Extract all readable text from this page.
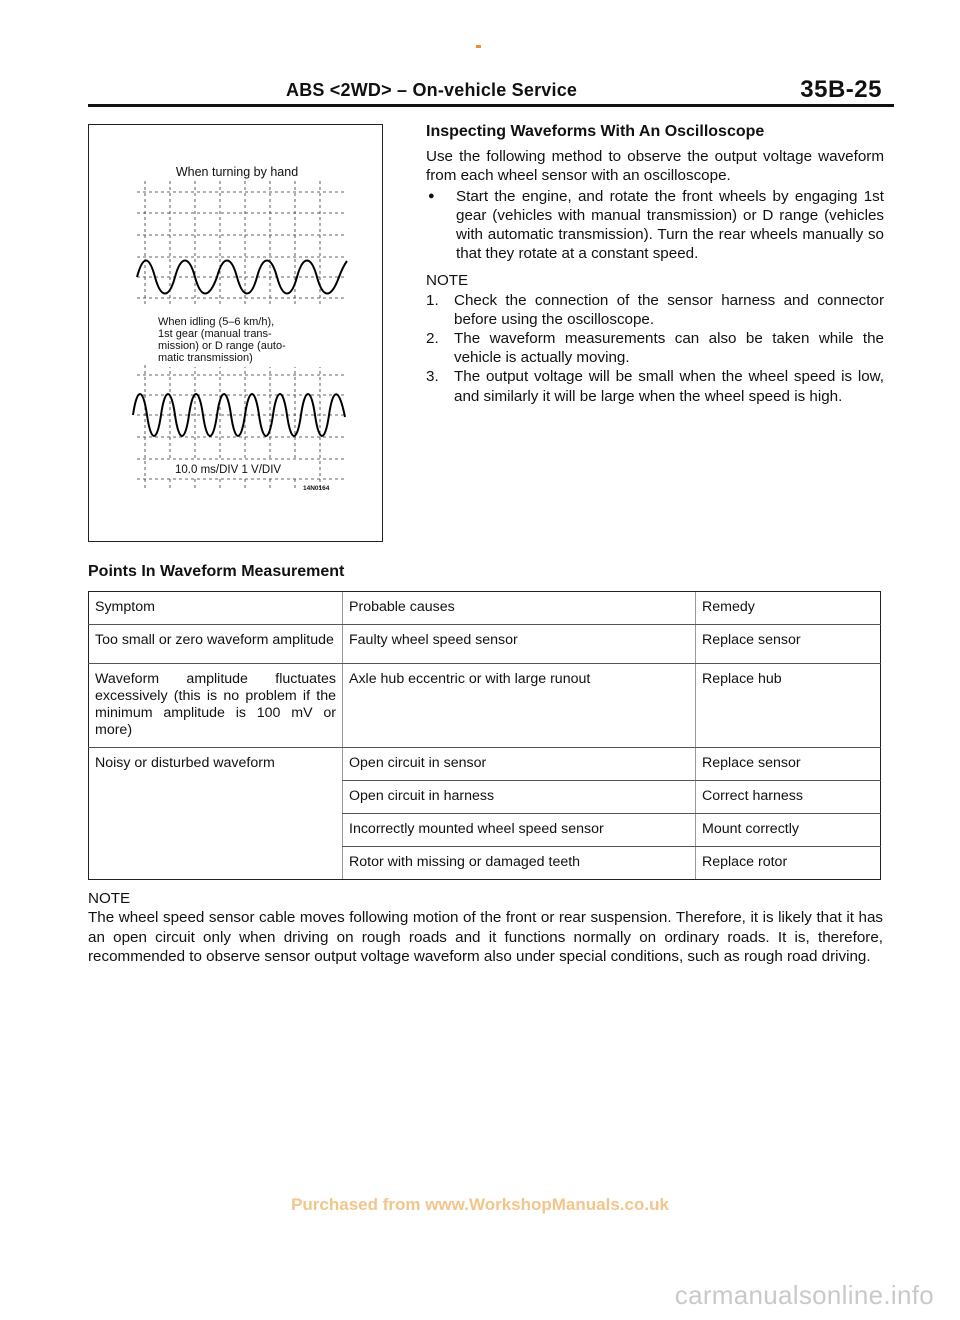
ABS <2WD> – On-vehicle Service	35B-25
When turning by hand
When idling (5–6 km/h),
1st gear (manual trans-
mission) or D range (auto-
matic transmission)
10.0 ms/DIV 1 V/DIV
14N0164
Inspecting Waveforms With An Oscilloscope

Use the following method to observe the output voltage waveform from each wheel sensor with an oscilloscope.

●	Start the engine, and rotate the front wheels by engaging 1st gear (vehicles with manual transmission) or D range (vehicles with automatic transmission). Turn the rear wheels manually so that they rotate at a constant speed.
NOTE
1.	Check the connection of the sensor harness and connector before using the oscilloscope.
2.	The waveform measurements can also be taken while the vehicle is actually moving.
3.	The output voltage will be small when the wheel speed is low, and similarly it will be large when the wheel speed is high.
Points In Waveform Measurement
Symptom	Probable causes	Remedy
Too small or zero waveform amplitude	Faulty wheel speed sensor	Replace sensor
Waveform amplitude fluctuates excessively (this is no problem if the minimum amplitude is 100 mV or more)	Axle hub eccentric or with large runout	Replace hub
Noisy or disturbed waveform	Open circuit in sensor	Replace sensor
	Open circuit in harness	Correct harness
	Incorrectly mounted wheel speed sensor	Mount correctly
	Rotor with missing or damaged teeth	Replace rotor
NOTE
The wheel speed sensor cable moves following motion of the front or rear suspension. Therefore, it is likely that it has an open circuit only when driving on rough roads and it functions normally on ordinary roads. It is, therefore, recommended to observe sensor output voltage waveform also under special conditions, such as rough road driving.
Purchased from www.WorkshopManuals.co.uk
carmanualsonline.info
